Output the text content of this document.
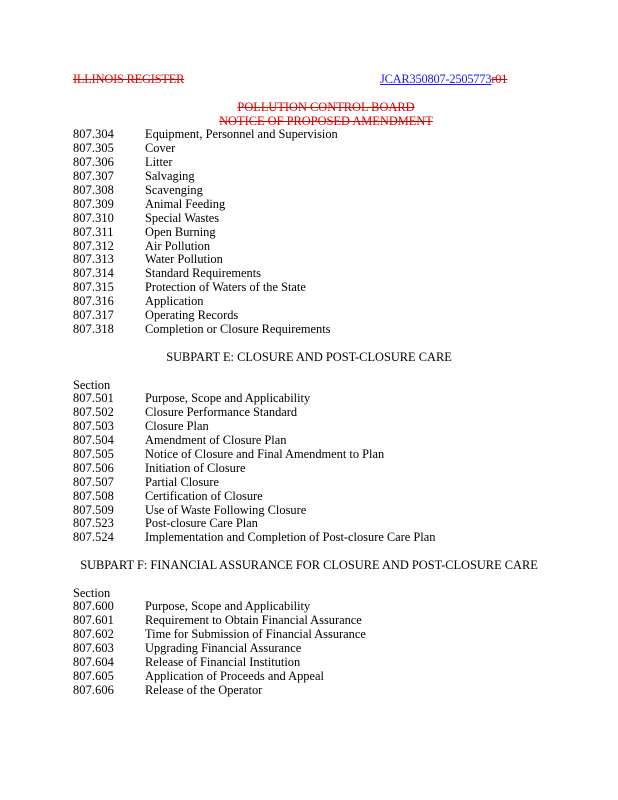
ILLINOIS REGISTER	JCAR350807-2505773r01
POLLUTION CONTROL BOARD
NOTICE OF PROPOSED AMENDMENT
807.304	Equipment, Personnel and Supervision
807.305	Cover
807.306	Litter
807.307	Salvaging
807.308	Scavenging
807.309	Animal Feeding
807.310	Special Wastes
807.311	Open Burning
807.312	Air Pollution
807.313	Water Pollution
807.314	Standard Requirements
807.315	Protection of Waters of the State
807.316	Application
807.317	Operating Records
807.318	Completion or Closure Requirements
SUBPART E: CLOSURE AND POST-CLOSURE CARE
Section
807.501	Purpose, Scope and Applicability
807.502	Closure Performance Standard
807.503	Closure Plan
807.504	Amendment of Closure Plan
807.505	Notice of Closure and Final Amendment to Plan
807.506	Initiation of Closure
807.507	Partial Closure
807.508	Certification of Closure
807.509	Use of Waste Following Closure
807.523	Post-closure Care Plan
807.524	Implementation and Completion of Post-closure Care Plan
SUBPART F: FINANCIAL ASSURANCE FOR CLOSURE AND POST-CLOSURE CARE
Section
807.600	Purpose, Scope and Applicability
807.601	Requirement to Obtain Financial Assurance
807.602	Time for Submission of Financial Assurance
807.603	Upgrading Financial Assurance
807.604	Release of Financial Institution
807.605	Application of Proceeds and Appeal
807.606	Release of the Operator
